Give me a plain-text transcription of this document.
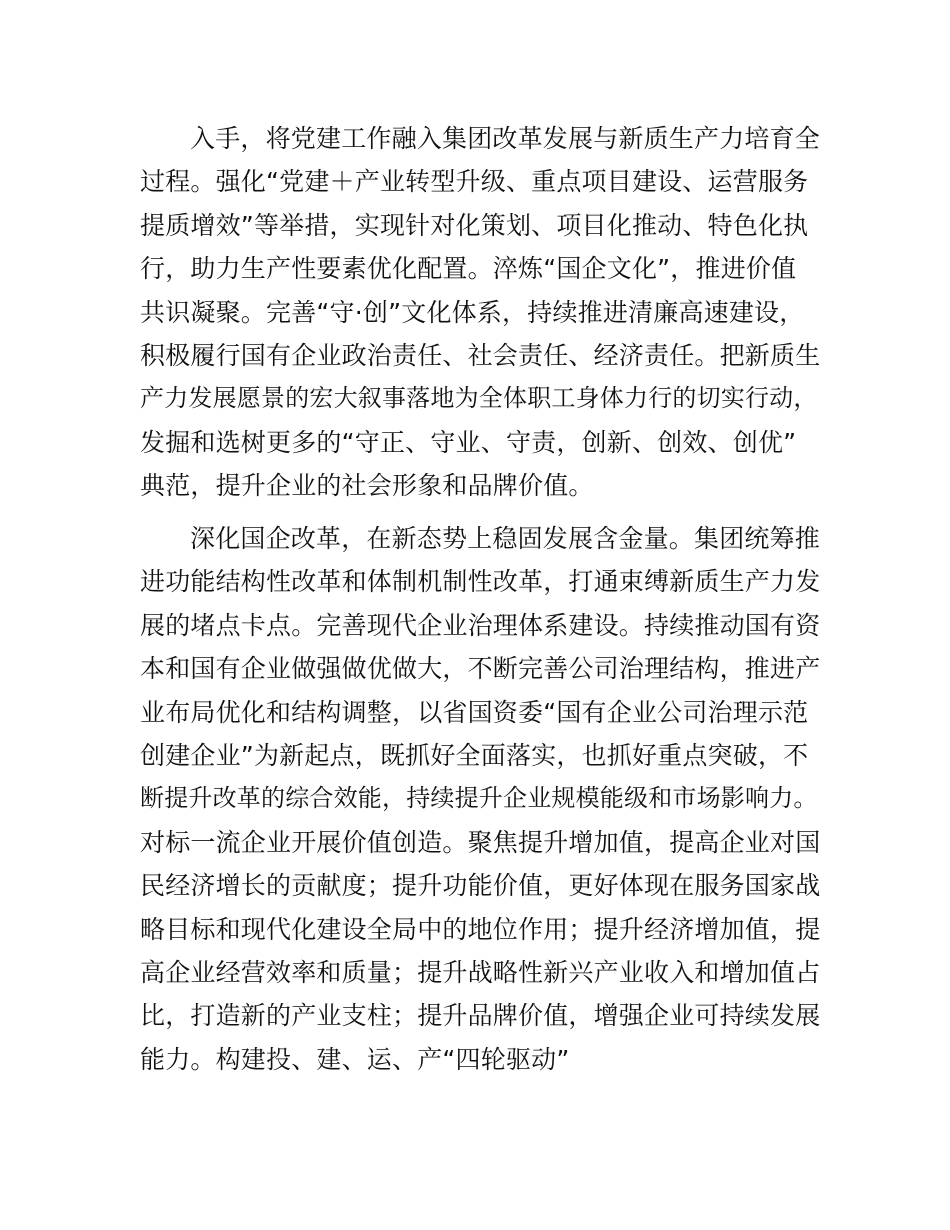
入手，将党建工作融入集团改革发展与新质生产力培育全
过程。强化“党建＋产业转型升级、重点项目建设、运营服务
提质增效”等举措，实现针对化策划、项目化推动、特色化执
行，助力生产性要素优化配置。淬炼“国企文化”，推进价值
共识凝聚。完善“守·创”文化体系，持续推进清廉高速建设，
积极履行国有企业政治责任、社会责任、经济责任。把新质生
产力发展愿景的宏大叙事落地为全体职工身体力行的切实行动，
发掘和选树更多的“守正、守业、守责，创新、创效、创优”
典范，提升企业的社会形象和品牌价值。
深化国企改革，在新态势上稳固发展含金量。集团统筹推
进功能结构性改革和体制机制性改革，打通束缚新质生产力发
展的堵点卡点。完善现代企业治理体系建设。持续推动国有资
本和国有企业做强做优做大，不断完善公司治理结构，推进产
业布局优化和结构调整，以省国资委“国有企业公司治理示范
创建企业”为新起点，既抓好全面落实，也抓好重点突破，不
断提升改革的综合效能，持续提升企业规模能级和市场影响力。
对标一流企业开展价值创造。聚焦提升增加值，提高企业对国
民经济增长的贡献度；提升功能价值，更好体现在服务国家战
略目标和现代化建设全局中的地位作用；提升经济增加值，提
高企业经营效率和质量；提升战略性新兴产业收入和增加值占
比，打造新的产业支柱；提升品牌价值，增强企业可持续发展
能力。构建投、建、运、产“四轮驱动”
